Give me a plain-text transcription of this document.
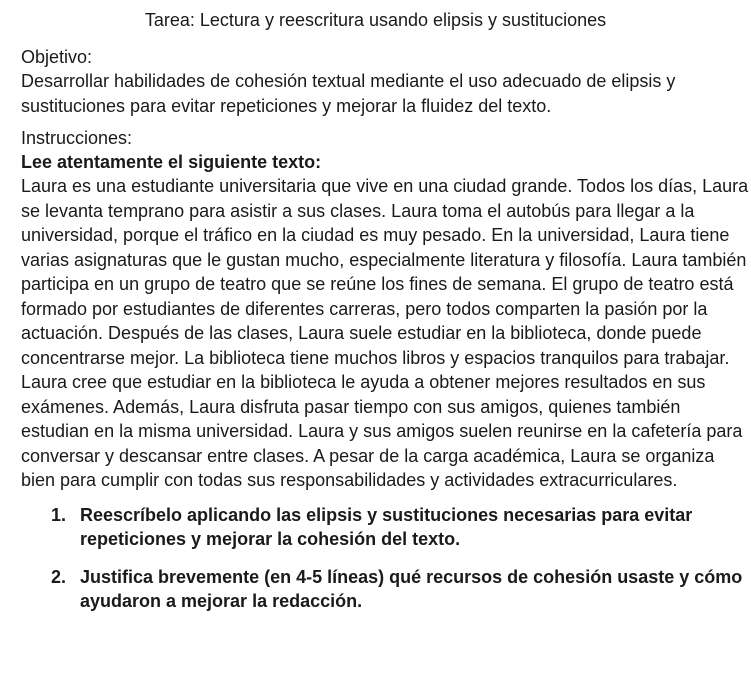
Tarea: Lectura y reescritura usando elipsis y sustituciones
Objetivo:

Desarrollar habilidades de cohesión textual mediante el uso adecuado de elipsis y sustituciones para evitar repeticiones y mejorar la fluidez del texto.

Instrucciones:
Lee atentamente el siguiente texto:

Laura es una estudiante universitaria que vive en una ciudad grande. Todos los días, Laura se levanta temprano para asistir a sus clases. Laura toma el autobús para llegar a la universidad, porque el tráfico en la ciudad es muy pesado. En la universidad, Laura tiene varias asignaturas que le gustan mucho, especialmente literatura y filosofía. Laura también participa en un grupo de teatro que se reúne los fines de semana. El grupo de teatro está formado por estudiantes de diferentes carreras, pero todos comparten la pasión por la actuación. Después de las clases, Laura suele estudiar en la biblioteca, donde puede concentrarse mejor. La biblioteca tiene muchos libros y espacios tranquilos para trabajar. Laura cree que estudiar en la biblioteca le ayuda a obtener mejores resultados en sus exámenes. Además, Laura disfruta pasar tiempo con sus amigos, quienes también estudian en la misma universidad. Laura y sus amigos suelen reunirse en la cafetería para conversar y descansar entre clases. A pesar de la carga académica, Laura se organiza bien para cumplir con todas sus responsabilidades y actividades extracurriculares.

1. Reescríbelo aplicando las elipsis y sustituciones necesarias para evitar repeticiones y mejorar la cohesión del texto.
2. Justifica brevemente (en 4-5 líneas) qué recursos de cohesión usaste y cómo ayudaron a mejorar la redacción.
